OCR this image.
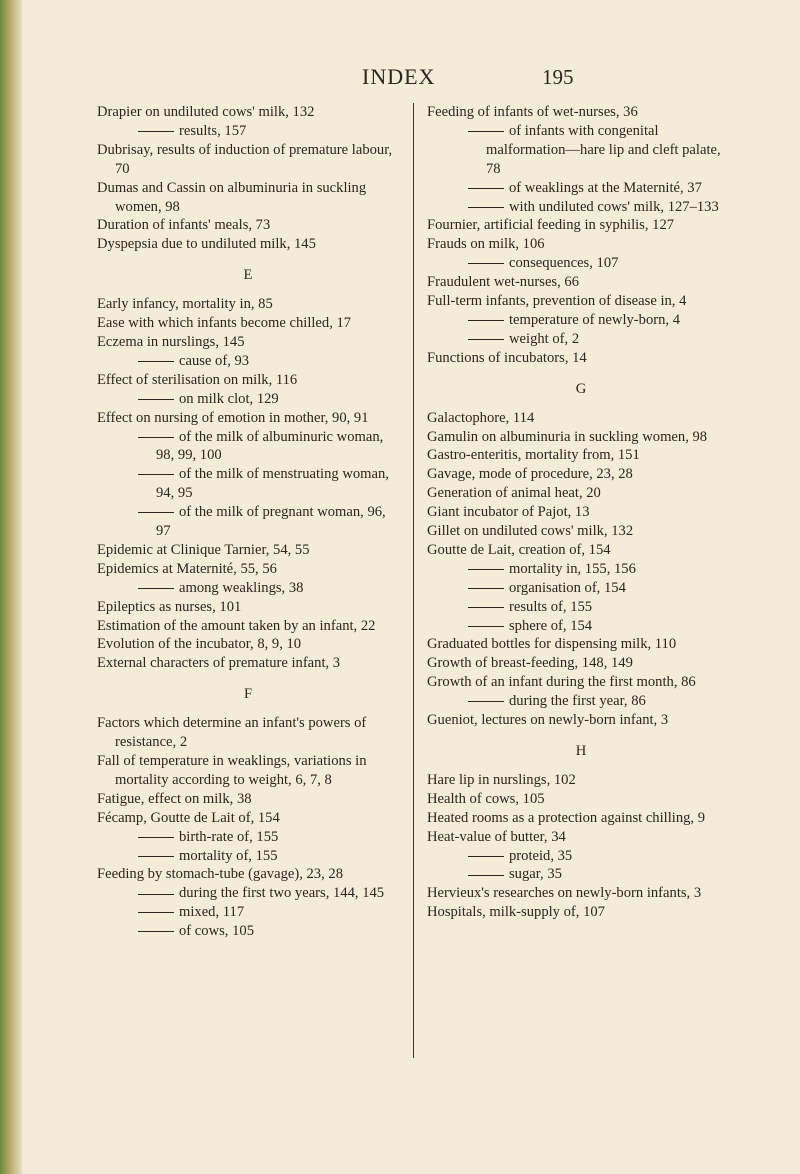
INDEX	195

Drapier on undiluted cows' milk, 132

results, 157

Dubrisay, results of induction of premature labour, 70

Dumas and Cassin on albuminuria in suckling women, 98

Duration of infants' meals, 73

Dyspepsia due to undiluted milk, 145

E

Early infancy, mortality in, 85

Ease with which infants become chilled, 17

Eczema in nurslings, 145

cause of, 93

Effect of sterilisation on milk, 116

on milk clot, 129

Effect on nursing of emotion in mother, 90, 91

of the milk of albuminuric woman, 98, 99, 100

of the milk of menstruating woman, 94, 95

of the milk of pregnant woman, 96, 97

Epidemic at Clinique Tarnier, 54, 55

Epidemics at Maternité, 55, 56

among weaklings, 38

Epileptics as nurses, 101

Estimation of the amount taken by an infant, 22

Evolution of the incubator, 8, 9, 10

External characters of premature infant, 3

F

Factors which determine an infant's powers of resistance, 2

Fall of temperature in weaklings, variations in mortality according to weight, 6, 7, 8

Fatigue, effect on milk, 38

Fécamp, Goutte de Lait of, 154

birth-rate of, 155

mortality of, 155

Feeding by stomach-tube (gavage), 23, 28

during the first two years, 144, 145

mixed, 117

of cows, 105

Feeding of infants of wet-nurses, 36

of infants with congenital malformation—hare lip and cleft palate, 78

of weaklings at the Maternité, 37

with undiluted cows' milk, 127–133

Fournier, artificial feeding in syphilis, 127

Frauds on milk, 106

consequences, 107

Fraudulent wet-nurses, 66

Full-term infants, prevention of disease in, 4

temperature of newly-born, 4

weight of, 2

Functions of incubators, 14

G

Galactophore, 114

Gamulin on albuminuria in suckling women, 98

Gastro-enteritis, mortality from, 151

Gavage, mode of procedure, 23, 28

Generation of animal heat, 20

Giant incubator of Pajot, 13

Gillet on undiluted cows' milk, 132

Goutte de Lait, creation of, 154

mortality in, 155, 156

organisation of, 154

results of, 155

sphere of, 154

Graduated bottles for dispensing milk, 110

Growth of breast-feeding, 148, 149

Growth of an infant during the first month, 86

during the first year, 86

Gueniot, lectures on newly-born infant, 3

H

Hare lip in nurslings, 102

Health of cows, 105

Heated rooms as a protection against chilling, 9

Heat-value of butter, 34

proteid, 35

sugar, 35

Hervieux's researches on newly-born infants, 3

Hospitals, milk-supply of, 107
